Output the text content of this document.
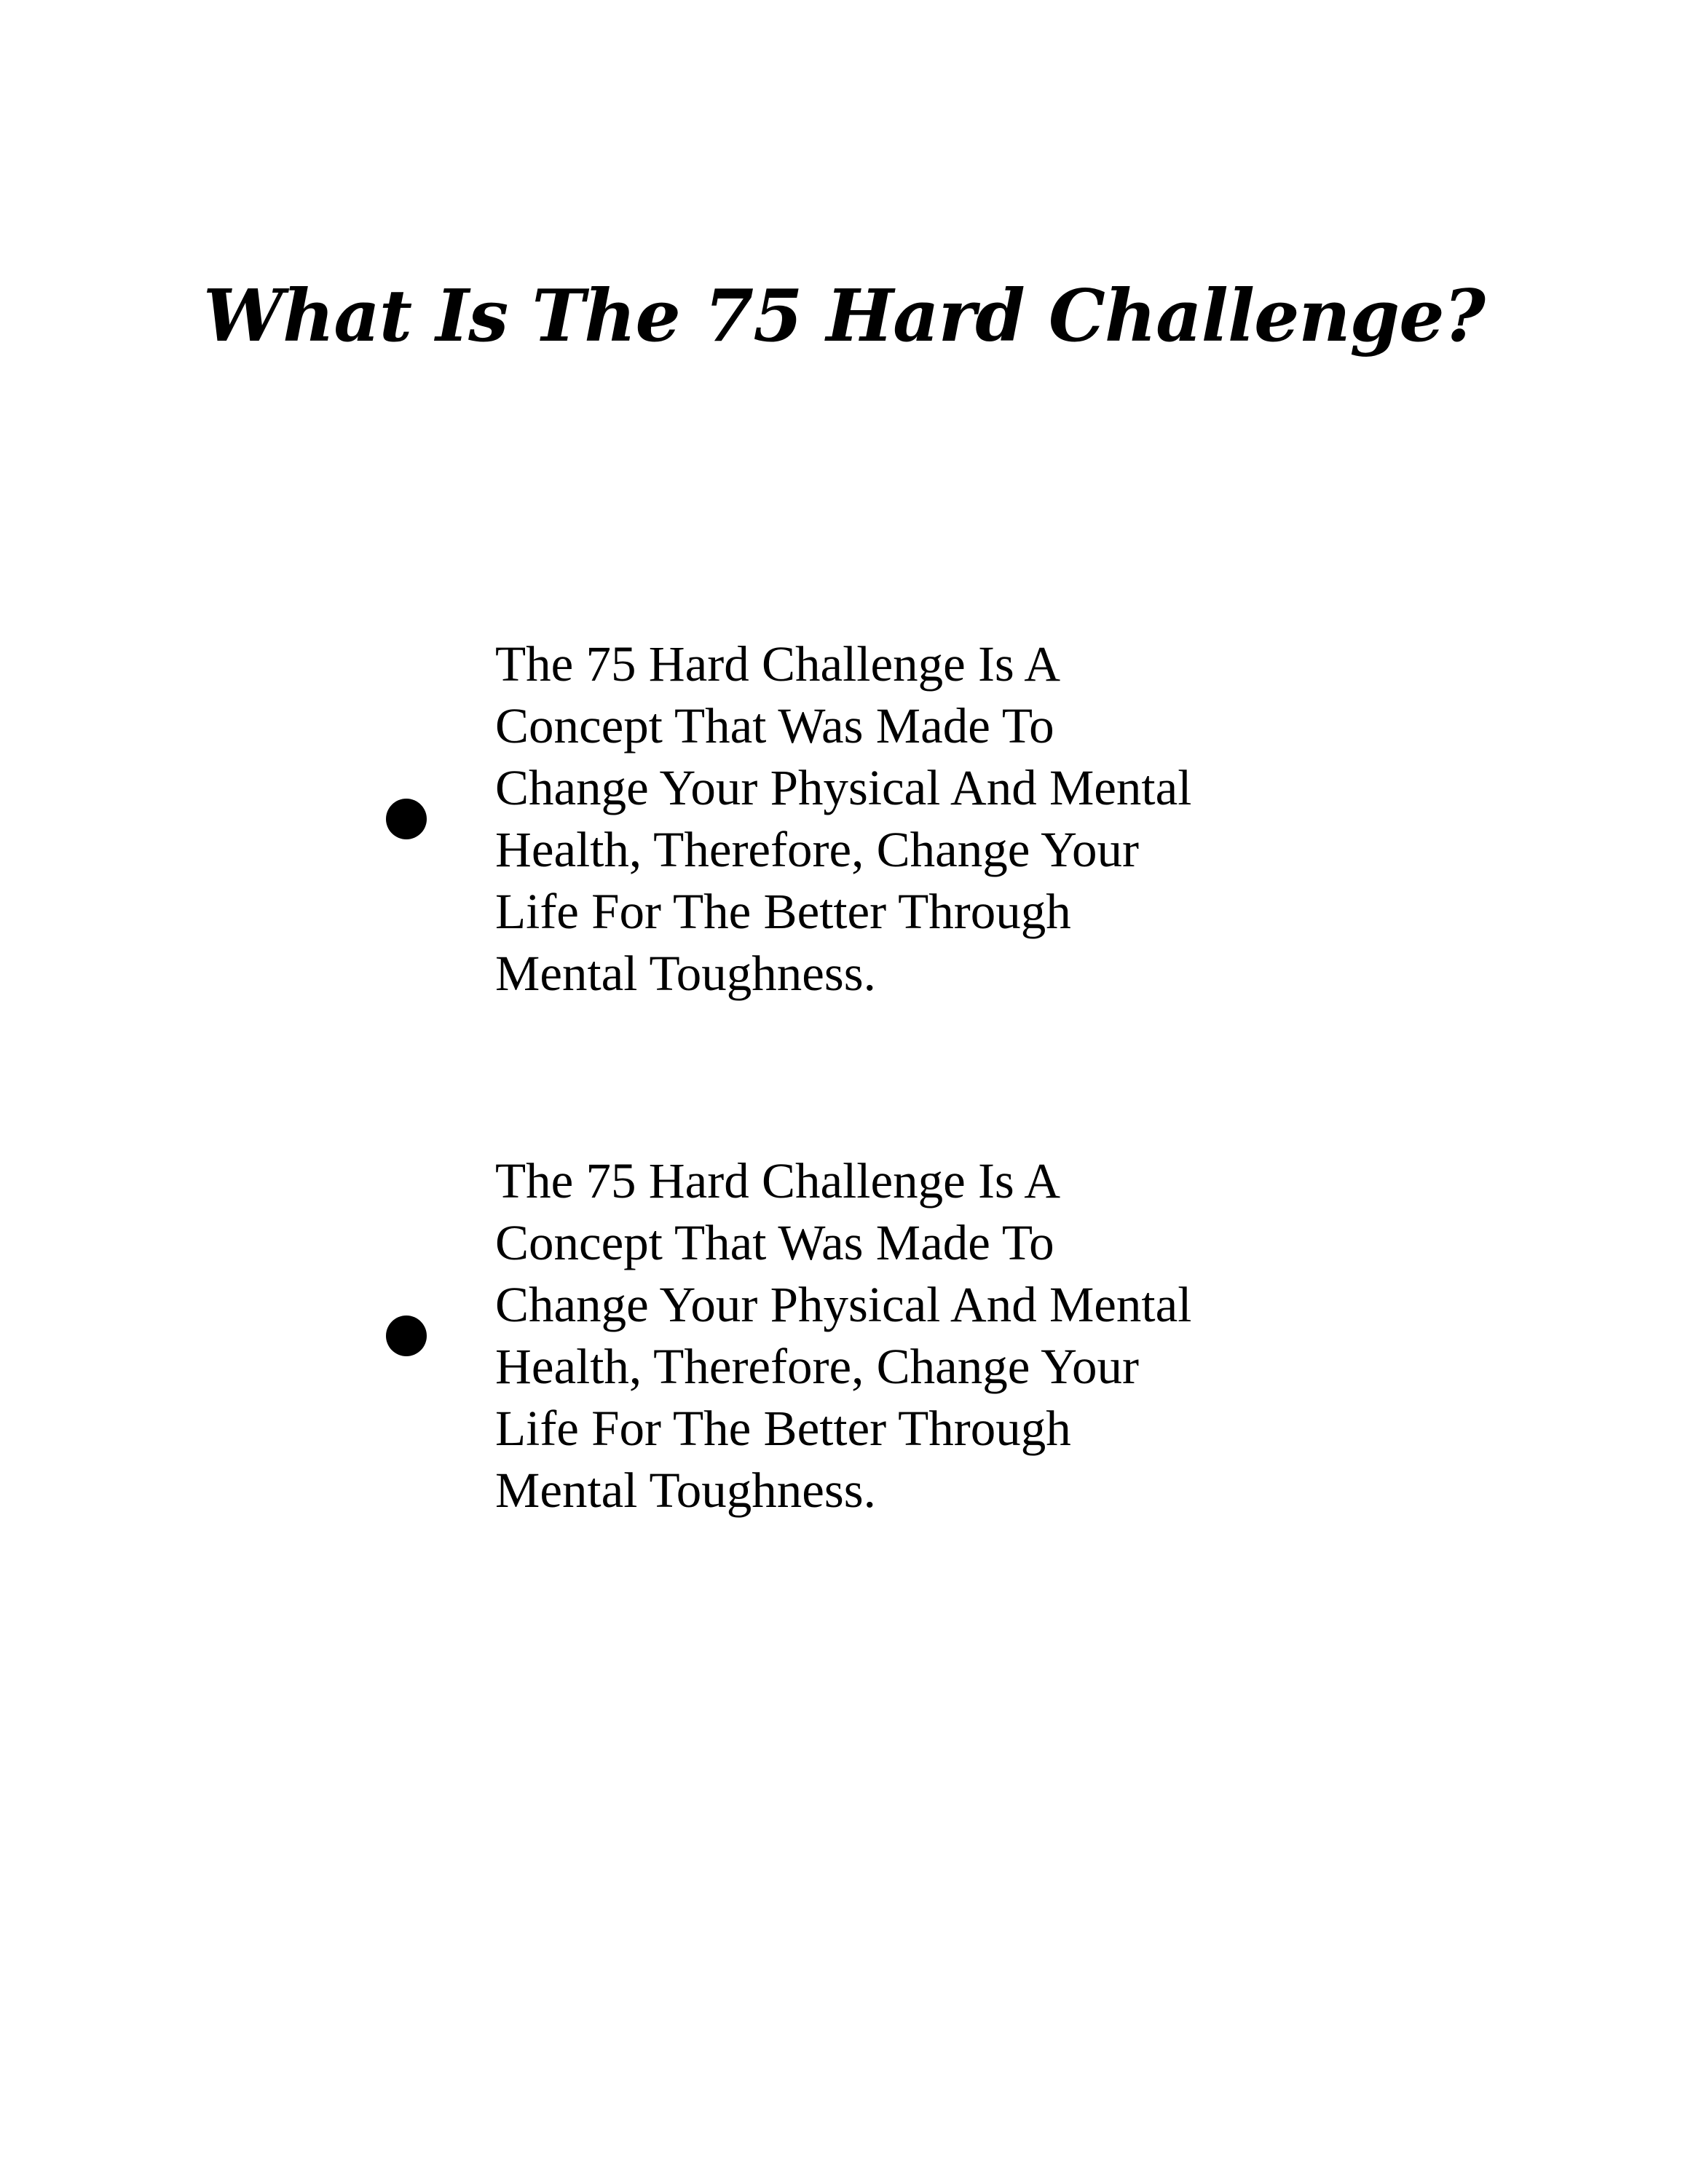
What Is The 75 Hard Challenge?

The 75 Hard Challenge Is A
Concept That Was Made To
Change Your Physical And Mental
Health, Therefore, Change Your
Life For The Better Through
Mental Toughness.

The 75 Hard Challenge Is A
Concept That Was Made To
Change Your Physical And Mental
Health, Therefore, Change Your
Life For The Better Through
Mental Toughness.
